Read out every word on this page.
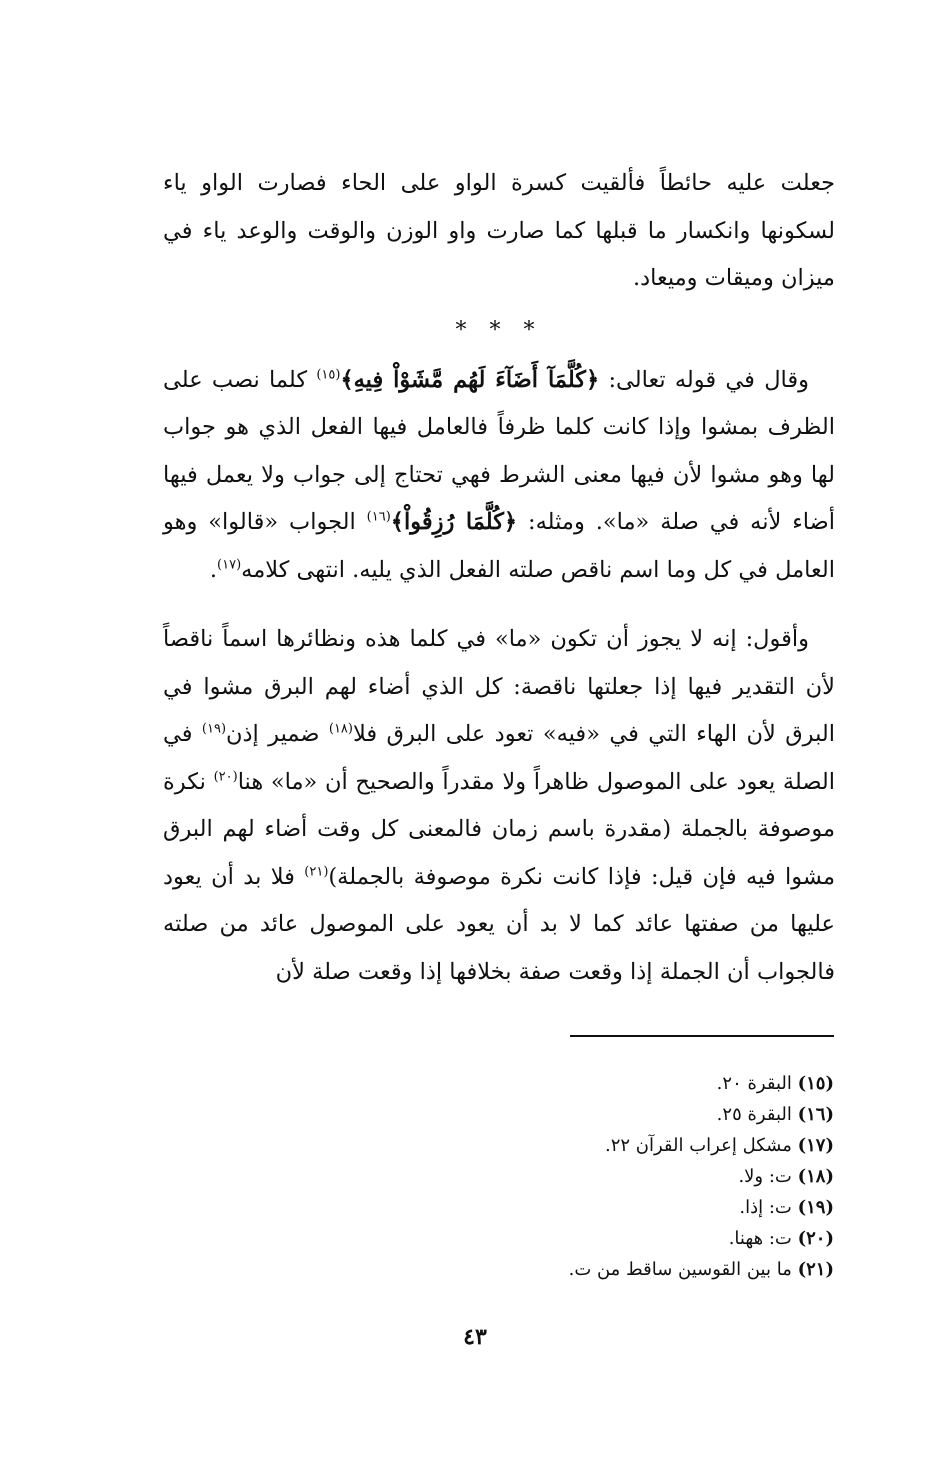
جعلت عليه حائطاً فألقيت كسرة الواو على الحاء فصارت الواو ياء لسكونها وانكسار ما قبلها كما صارت واو الوزن والوقت والوعد ياء في ميزان وميقات وميعاد.

* * *

وقال في قوله تعالى: ﴿كُلَّمَآ أَضَآءَ لَهُم مَّشَوْاْ فِيهِ﴾$^{(١٥)}$ كلما نصب على الظرف بمشوا وإذا كانت كلما ظرفاً فالعامل فيها الفعل الذي هو جواب لها وهو مشوا لأن فيها معنى الشرط فهي تحتاج إلى جواب ولا يعمل فيها أضاء لأنه في صلة «ما». ومثله: ﴿كُلَّمَا رُزِقُواْ﴾$^{(١٦)}$ الجواب «قالوا» وهو العامل في كل وما اسم ناقص صلته الفعل الذي يليه. انتهى كلامه$^{(١٧)}$.

وأقول: إنه لا يجوز أن تكون «ما» في كلما هذه ونظائرها اسماً ناقصاً لأن التقدير فيها إذا جعلتها ناقصة: كل الذي أضاء لهم البرق مشوا في البرق لأن الهاء التي في «فيه» تعود على البرق فلا$^{(١٨)}$ ضمير إذن$^{(١٩)}$ في الصلة يعود على الموصول ظاهراً ولا مقدراً والصحيح أن «ما» هنا$^{(٢٠)}$ نكرة موصوفة بالجملة (مقدرة باسم زمان فالمعنى كل وقت أضاء لهم البرق مشوا فيه فإن قيل: فإذا كانت نكرة موصوفة بالجملة)$^{(٢١)}$ فلا بد أن يعود عليها من صفتها عائد كما لا بد أن يعود على الموصول عائد من صلته فالجواب أن الجملة إذا وقعت صفة بخلافها إذا وقعت صلة لأن

(١٥) البقرة ٢٠.

(١٦) البقرة ٢٥.

(١٧) مشكل إعراب القرآن ٢٢.

(١٨) ت: ولا.

(١٩) ت: إذا.

(٢٠) ت: ههنا.

(٢١) ما بين القوسين ساقط من ت.

٤٣
